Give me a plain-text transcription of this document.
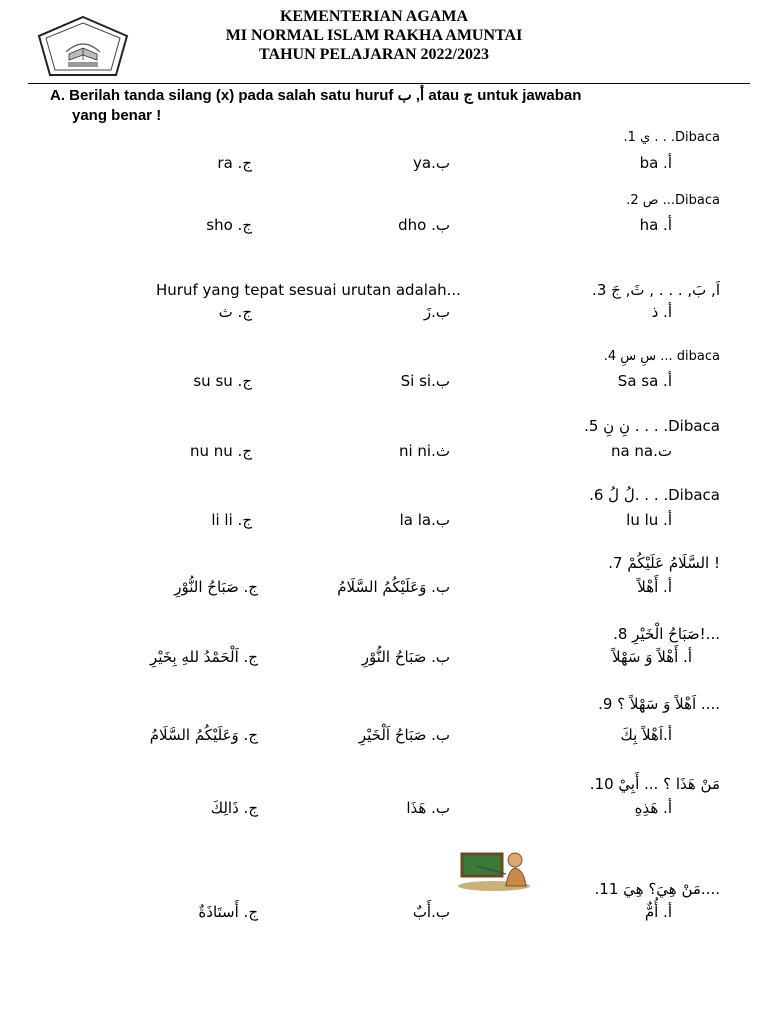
KEMENTERIAN AGAMA
MI NORMAL ISLAM RAKHA AMUNTAI
TAHUN PELAJARAN 2022/2023
A. Berilah tanda silang (x) pada salah satu huruf أ, ب atau ج untuk jawaban
yang benar !
.1 ي . . .Dibaca
ba .أ
ya.ب
ra .ج
.2 ص ...Dibaca
ha .أ
dho .ب
sho .ج
.3 اَ, بَ, . . . , ثَ, جَ
Huruf yang tepat sesuai urutan adalah...
أ. ذ
ب.زَ
ج. ث
.4 سِ سِ ... dibaca
Sa sa .أ
Si si.ب
su su .ج
.5 نِ نِ . . . .Dibaca
na na.ت
ni ni.ث
nu nu .ج
.6 لُ لُ. . . .Dibaca
lu lu .أ
la la.ب
li li .ج
.7 السَّلَامُ عَلَيْكُمْ !
أ. أَهْلاً
ب. وَعَلَيْكُمُ السَّلَامُ
ج. صَبَاحُ النُّوْرِ
.8 صَبَاحُ الْخَيْرِ!...
أ. أَهْلاً وَ سَهْلاً
ب. صَبَاحُ النُّوْرِ
ج. اَلْحَمْدُ للهِ بِخَيْرِ
.9 اَهْلاً وَ سَهْلاً ؟ ....
أ.اَهْلاً بِكَ
ب. صَبَاحُ اَلْخَيْرِ
ج. وَعَلَيْكُمُ السَّلَامُ
.10 مَنْ هَذَا ؟ ... أَبِيْ
أ. هَذِهِ
ب. هَذَا
ج. ذَالِكَ
.11 مَنْ هِيَ؟ هِيَ....
أ. أُمٌّ
ب.أَبٌ
ج. أَستَاذَةٌ
